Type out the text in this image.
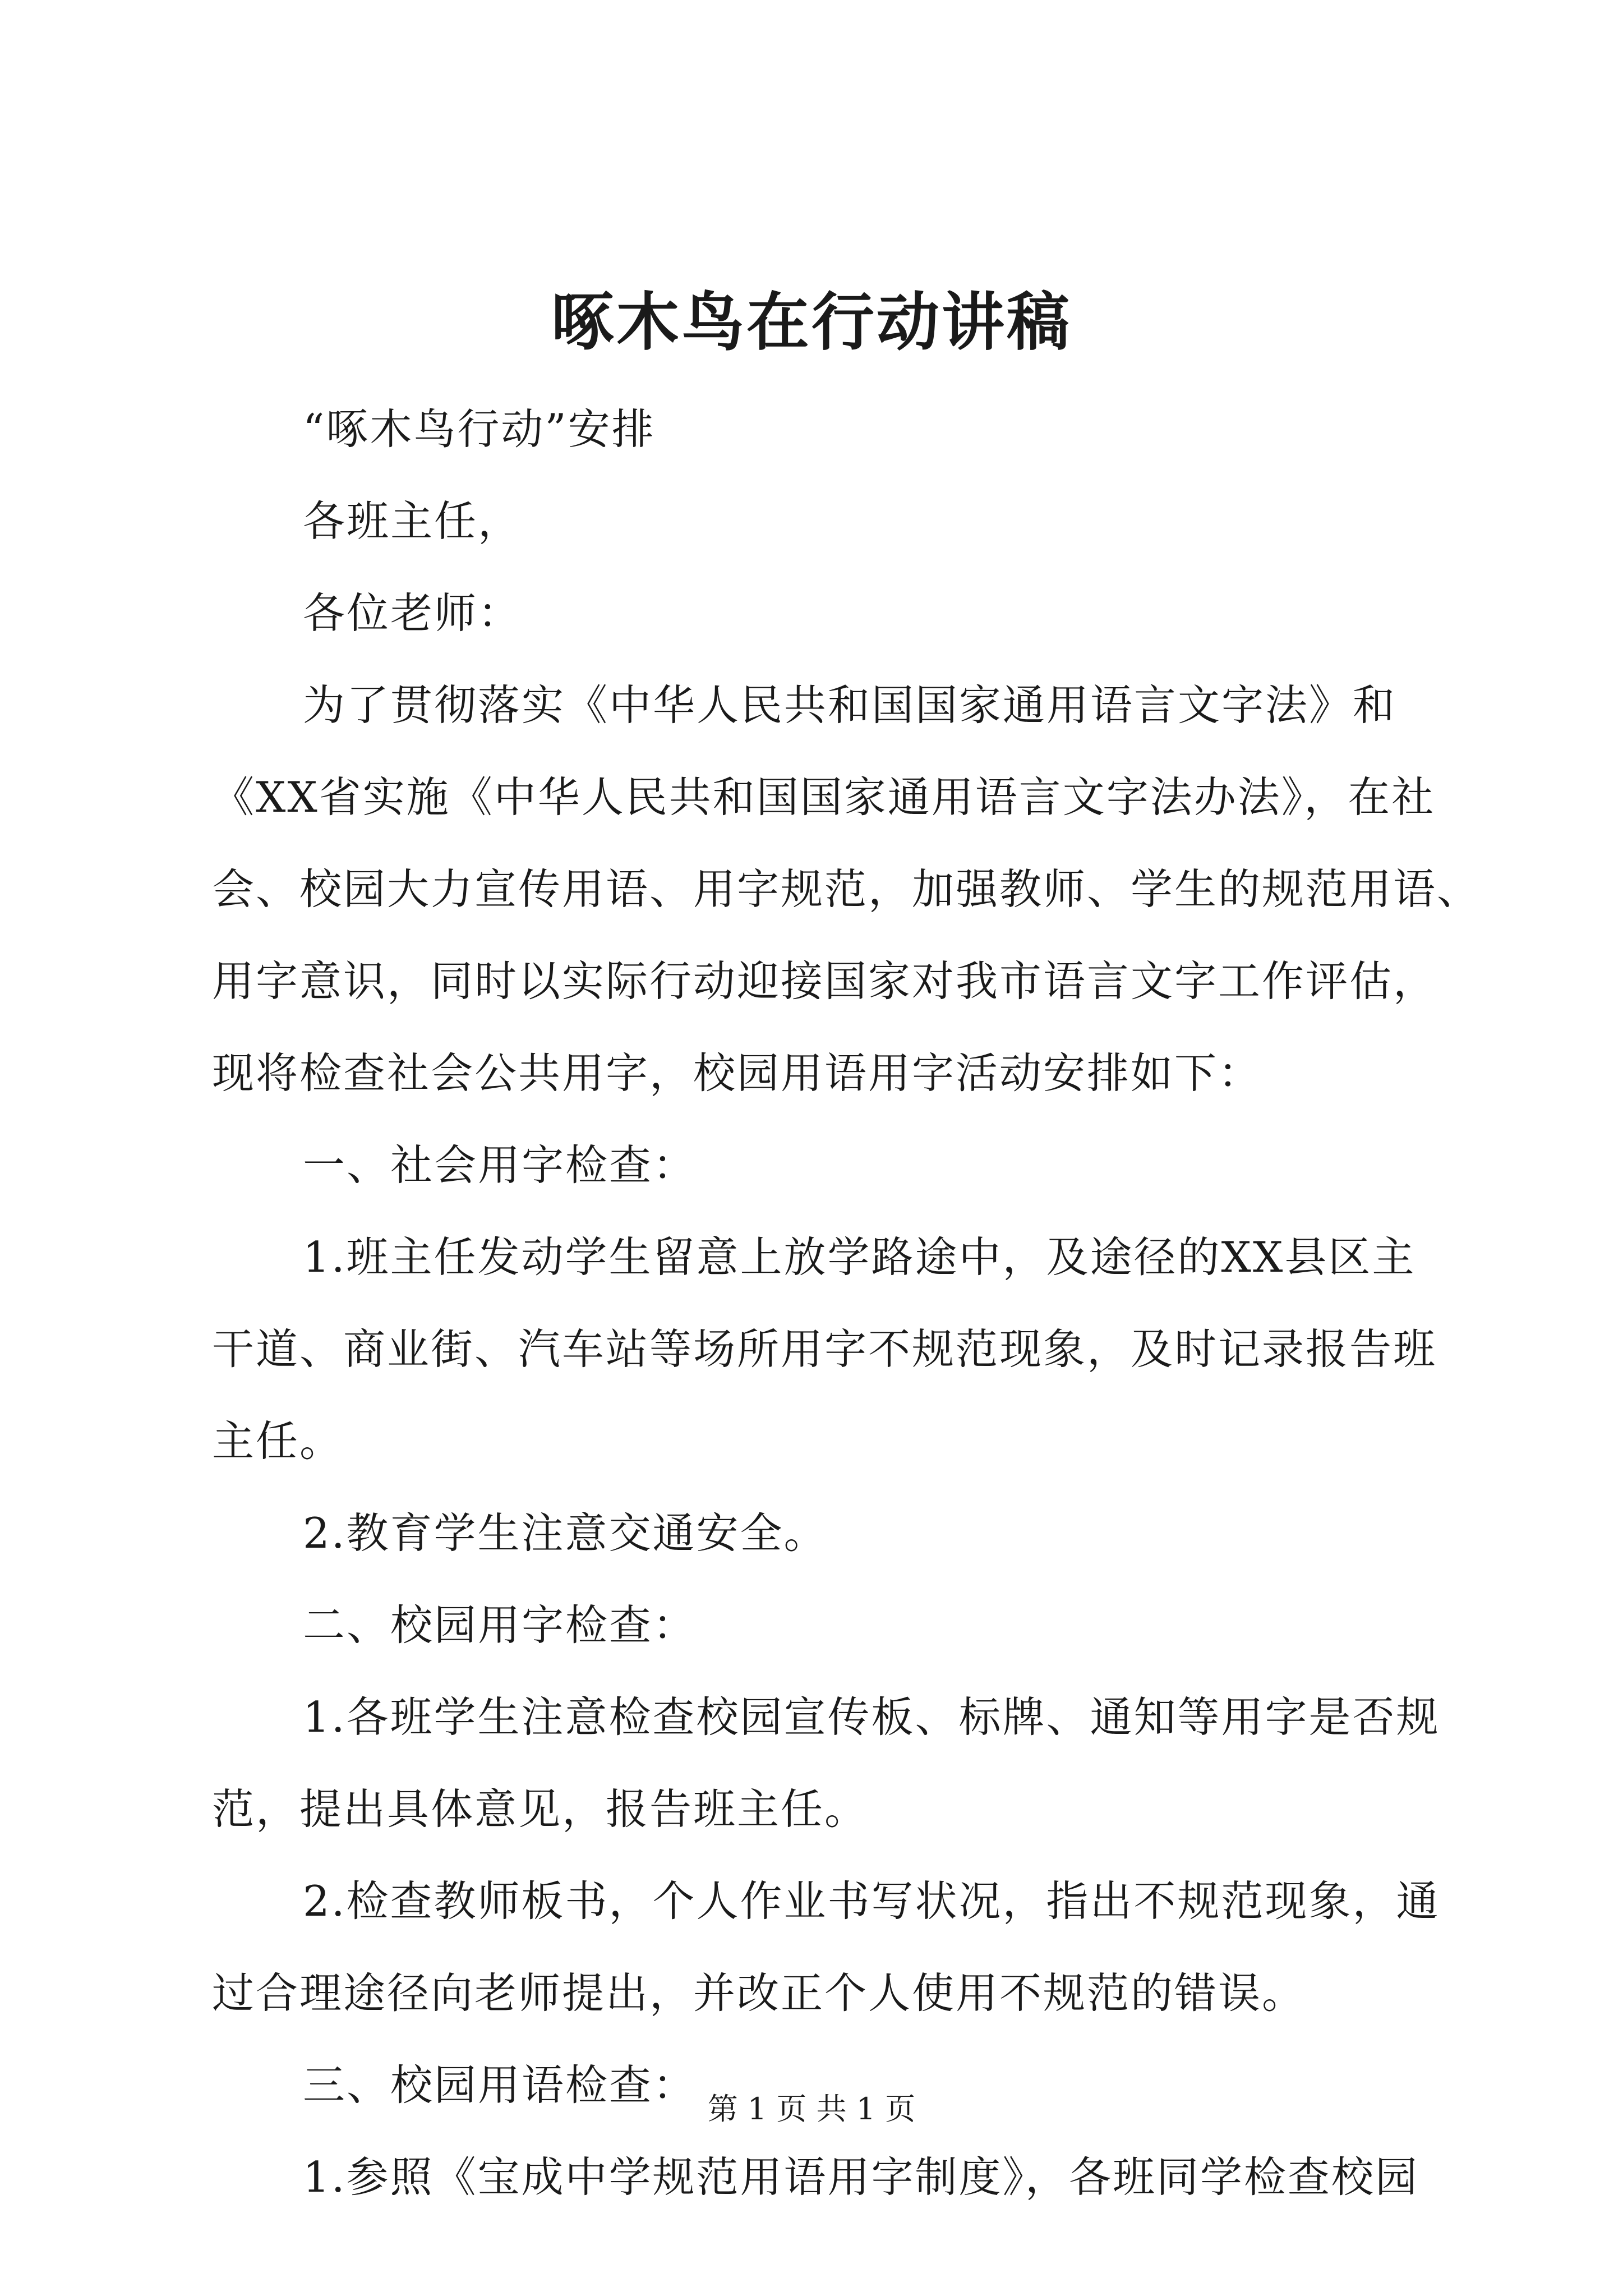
啄木鸟在行动讲稿

“啄木鸟行动”安排

各班主任，

各位老师：

为了贯彻落实《中华人民共和国国家通用语言文字法》和

《XX省实施《中华人民共和国国家通用语言文字法办法》，在社

会、校园大力宣传用语、用字规范，加强教师、学生的规范用语、

用字意识，同时以实际行动迎接国家对我市语言文字工作评估，

现将检查社会公共用字，校园用语用字活动安排如下：

一、社会用字检查：

1.班主任发动学生留意上放学路途中，及途径的XX县区主

干道、商业街、汽车站等场所用字不规范现象，及时记录报告班

主任。

2.教育学生注意交通安全。

二、校园用字检查：

1.各班学生注意检查校园宣传板、标牌、通知等用字是否规

范，提出具体意见，报告班主任。

2.检查教师板书，个人作业书写状况，指出不规范现象，通

过合理途径向老师提出，并改正个人使用不规范的错误。

三、校园用语检查：

1.参照《宝成中学规范用语用字制度》，各班同学检查校园

第 1 页 共 1 页
